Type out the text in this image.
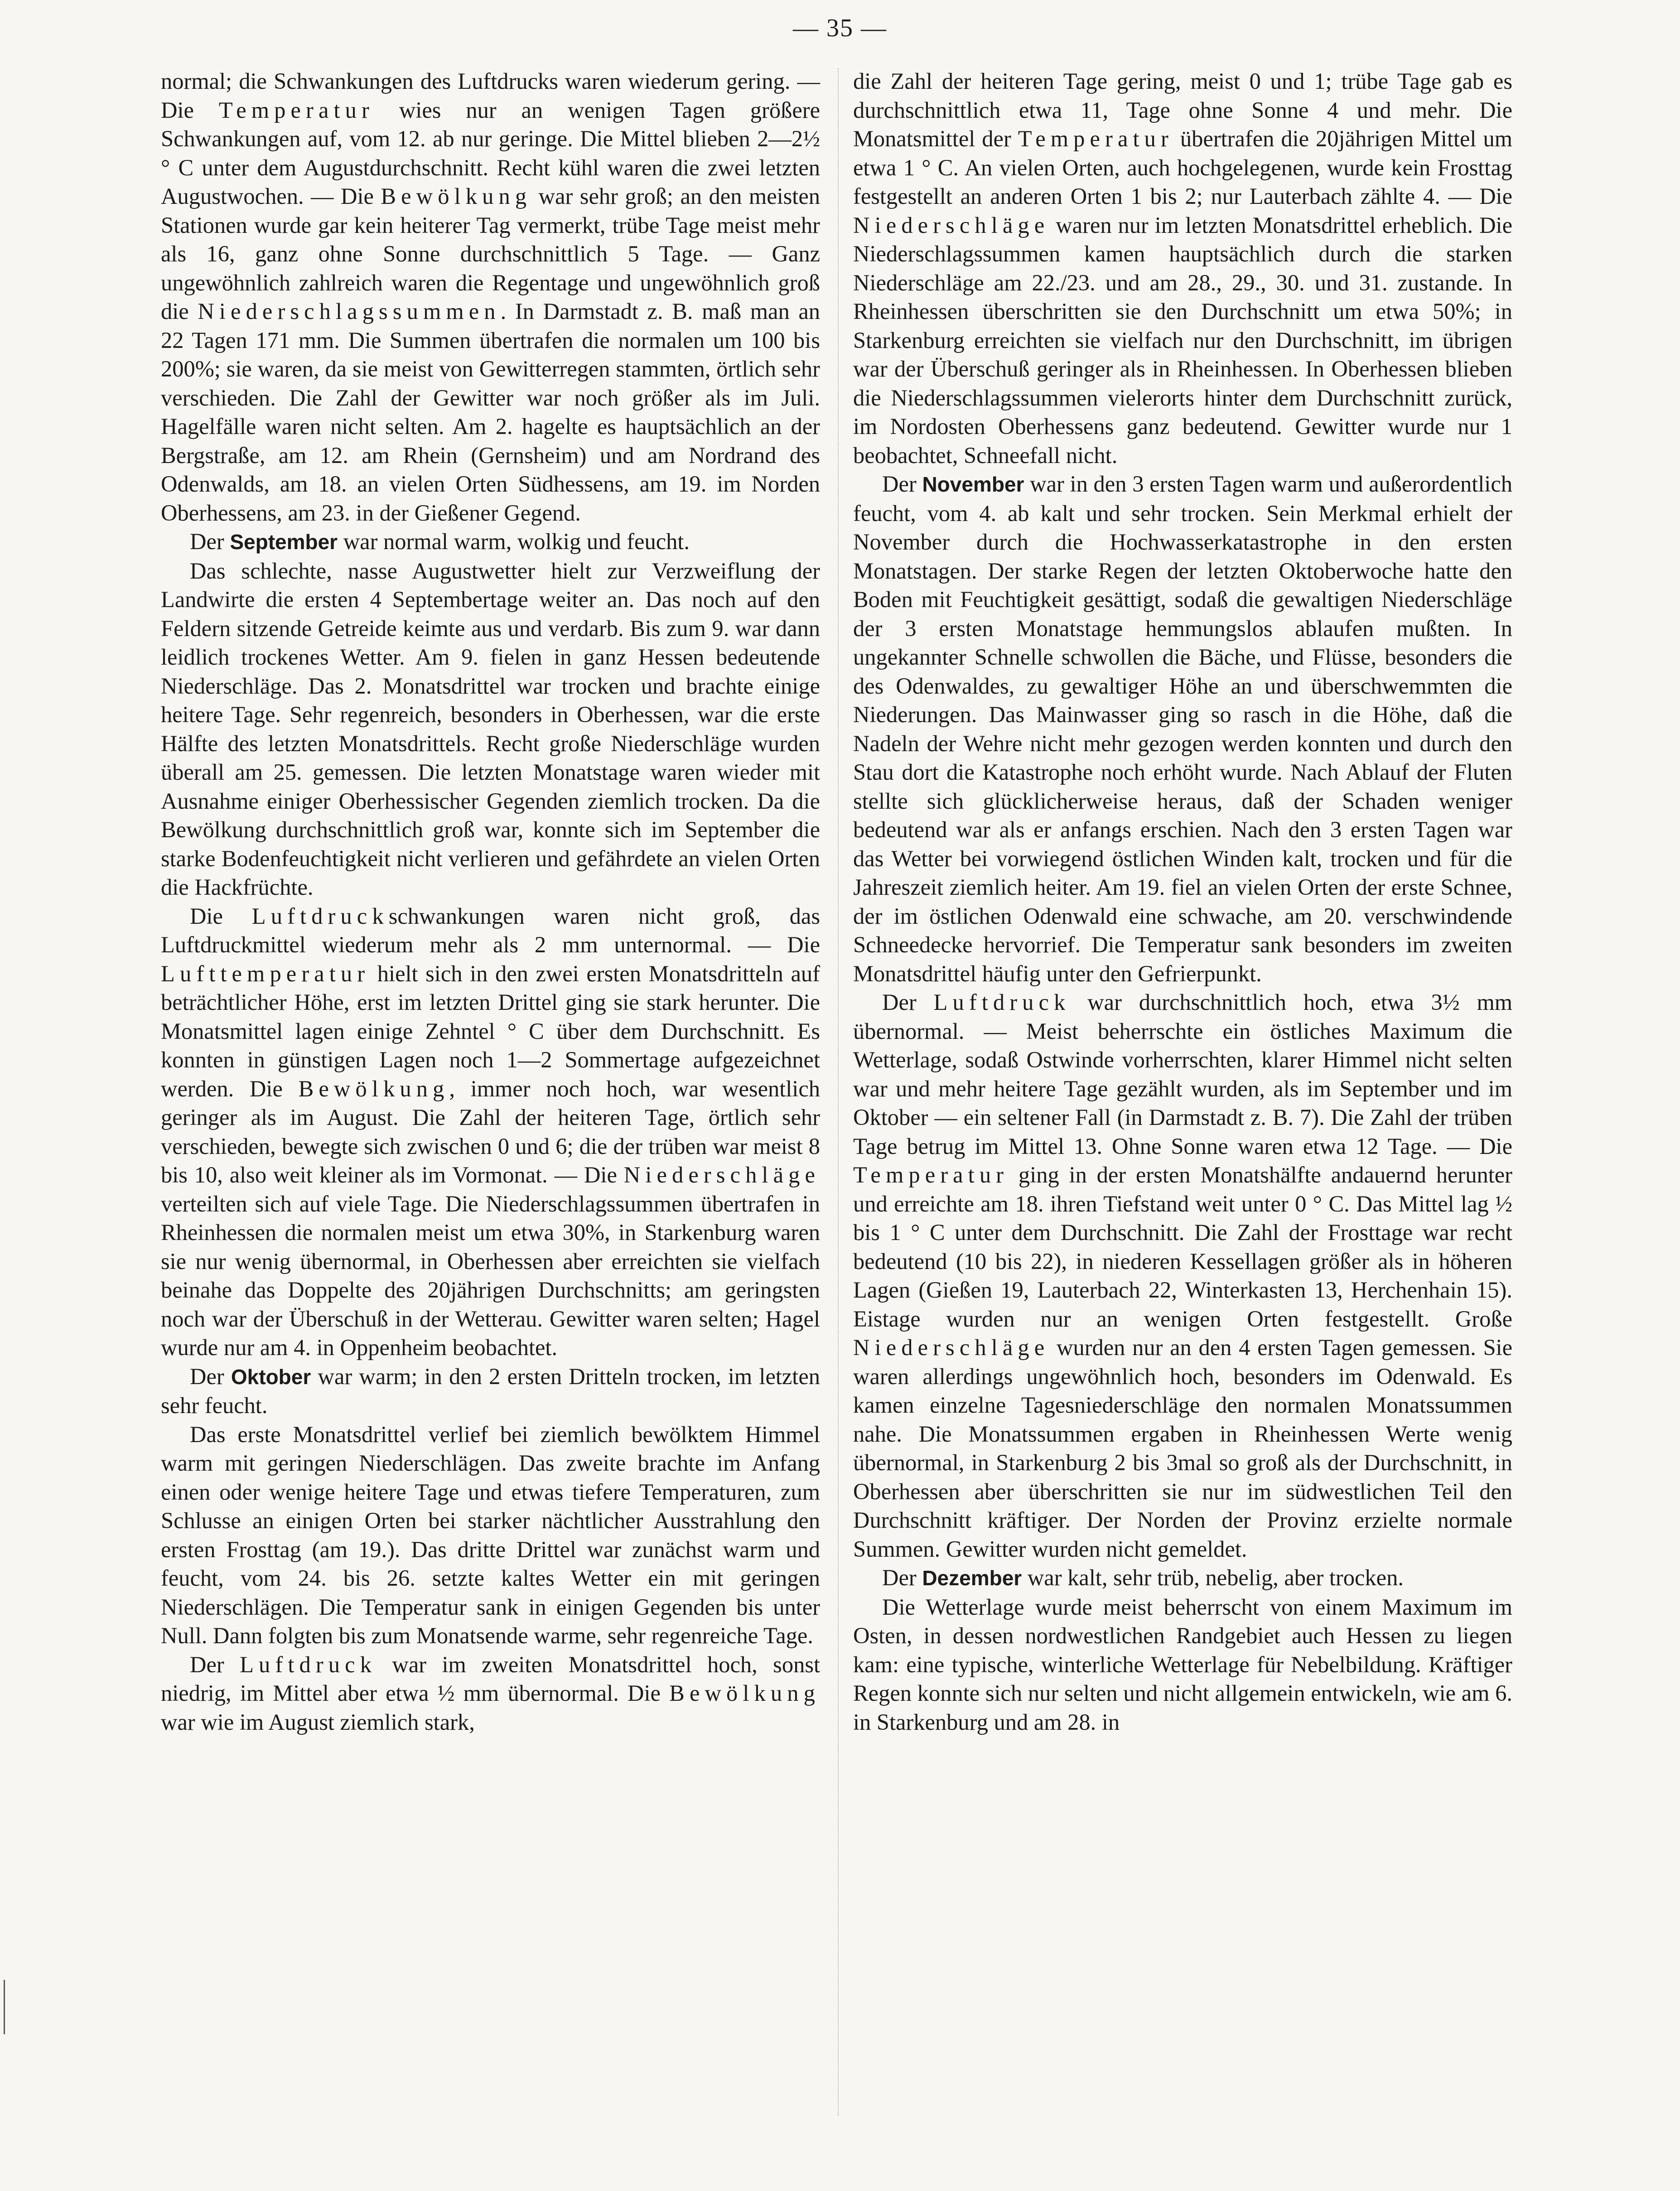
— 35 —

normal; die Schwankungen des Luftdrucks waren wiederum gering. — Die Temperatur wies nur an wenigen Tagen größere Schwankungen auf, vom 12. ab nur geringe. Die Mittel blieben 2—2½ ° C unter dem Augustdurchschnitt. Recht kühl waren die zwei letzten Augustwochen. — Die Bewölkung war sehr groß; an den meisten Stationen wurde gar kein heiterer Tag vermerkt, trübe Tage meist mehr als 16, ganz ohne Sonne durchschnittlich 5 Tage. — Ganz ungewöhnlich zahlreich waren die Regentage und ungewöhnlich groß die Niederschlagssummen. In Darmstadt z. B. maß man an 22 Tagen 171 mm. Die Summen übertrafen die normalen um 100 bis 200%; sie waren, da sie meist von Gewitterregen stammten, örtlich sehr verschieden. Die Zahl der Gewitter war noch größer als im Juli. Hagelfälle waren nicht selten. Am 2. hagelte es hauptsächlich an der Bergstraße, am 12. am Rhein (Gernsheim) und am Nordrand des Odenwalds, am 18. an vielen Orten Südhessens, am 19. im Norden Oberhessens, am 23. in der Gießener Gegend.

Der September war normal warm, wolkig und feucht.

Das schlechte, nasse Augustwetter hielt zur Verzweiflung der Landwirte die ersten 4 Septembertage weiter an. Das noch auf den Feldern sitzende Getreide keimte aus und verdarb. Bis zum 9. war dann leidlich trockenes Wetter. Am 9. fielen in ganz Hessen bedeutende Niederschläge. Das 2. Monatsdrittel war trocken und brachte einige heitere Tage. Sehr regenreich, besonders in Oberhessen, war die erste Hälfte des letzten Monatsdrittels. Recht große Niederschläge wurden überall am 25. gemessen. Die letzten Monatstage waren wieder mit Ausnahme einiger Oberhessischer Gegenden ziemlich trocken. Da die Bewölkung durchschnittlich groß war, konnte sich im September die starke Bodenfeuchtigkeit nicht verlieren und gefährdete an vielen Orten die Hackfrüchte.

Die Luftdruckschwankungen waren nicht groß, das Luftdruckmittel wiederum mehr als 2 mm unternormal. — Die Lufttemperatur hielt sich in den zwei ersten Monatsdritteln auf beträchtlicher Höhe, erst im letzten Drittel ging sie stark herunter. Die Monatsmittel lagen einige Zehntel ° C über dem Durchschnitt. Es konnten in günstigen Lagen noch 1—2 Sommertage aufgezeichnet werden. Die Bewölkung, immer noch hoch, war wesentlich geringer als im August. Die Zahl der heiteren Tage, örtlich sehr verschieden, bewegte sich zwischen 0 und 6; die der trüben war meist 8 bis 10, also weit kleiner als im Vormonat. — Die Niederschläge verteilten sich auf viele Tage. Die Niederschlagssummen übertrafen in Rheinhessen die normalen meist um etwa 30%, in Starkenburg waren sie nur wenig übernormal, in Oberhessen aber erreichten sie vielfach beinahe das Doppelte des 20jährigen Durchschnitts; am geringsten noch war der Überschuß in der Wetterau. Gewitter waren selten; Hagel wurde nur am 4. in Oppenheim beobachtet.

Der Oktober war warm; in den 2 ersten Dritteln trocken, im letzten sehr feucht.

Das erste Monatsdrittel verlief bei ziemlich bewölktem Himmel warm mit geringen Niederschlägen. Das zweite brachte im Anfang einen oder wenige heitere Tage und etwas tiefere Temperaturen, zum Schlusse an einigen Orten bei starker nächtlicher Ausstrahlung den ersten Frosttag (am 19.). Das dritte Drittel war zunächst warm und feucht, vom 24. bis 26. setzte kaltes Wetter ein mit geringen Niederschlägen. Die Temperatur sank in einigen Gegenden bis unter Null. Dann folgten bis zum Monatsende warme, sehr regenreiche Tage.

Der Luftdruck war im zweiten Monatsdrittel hoch, sonst niedrig, im Mittel aber etwa ½ mm übernormal. Die Bewölkung war wie im August ziemlich stark,

die Zahl der heiteren Tage gering, meist 0 und 1; trübe Tage gab es durchschnittlich etwa 11, Tage ohne Sonne 4 und mehr. Die Monatsmittel der Temperatur übertrafen die 20jährigen Mittel um etwa 1 ° C. An vielen Orten, auch hochgelegenen, wurde kein Frosttag festgestellt an anderen Orten 1 bis 2; nur Lauterbach zählte 4. — Die Niederschläge waren nur im letzten Monatsdrittel erheblich. Die Niederschlagssummen kamen hauptsächlich durch die starken Niederschläge am 22./23. und am 28., 29., 30. und 31. zustande. In Rheinhessen überschritten sie den Durchschnitt um etwa 50%; in Starkenburg erreichten sie vielfach nur den Durchschnitt, im übrigen war der Überschuß geringer als in Rheinhessen. In Oberhessen blieben die Niederschlagssummen vielerorts hinter dem Durchschnitt zurück, im Nordosten Oberhessens ganz bedeutend. Gewitter wurde nur 1 beobachtet, Schneefall nicht.

Der November war in den 3 ersten Tagen warm und außerordentlich feucht, vom 4. ab kalt und sehr trocken. Sein Merkmal erhielt der November durch die Hochwasserkatastrophe in den ersten Monatstagen. Der starke Regen der letzten Oktoberwoche hatte den Boden mit Feuchtigkeit gesättigt, sodaß die gewaltigen Niederschläge der 3 ersten Monatstage hemmungslos ablaufen mußten. In ungekannter Schnelle schwollen die Bäche, und Flüsse, besonders die des Odenwaldes, zu gewaltiger Höhe an und überschwemmten die Niederungen. Das Mainwasser ging so rasch in die Höhe, daß die Nadeln der Wehre nicht mehr gezogen werden konnten und durch den Stau dort die Katastrophe noch erhöht wurde. Nach Ablauf der Fluten stellte sich glücklicherweise heraus, daß der Schaden weniger bedeutend war als er anfangs erschien. Nach den 3 ersten Tagen war das Wetter bei vorwiegend östlichen Winden kalt, trocken und für die Jahreszeit ziemlich heiter. Am 19. fiel an vielen Orten der erste Schnee, der im östlichen Odenwald eine schwache, am 20. verschwindende Schneedecke hervorrief. Die Temperatur sank besonders im zweiten Monatsdrittel häufig unter den Gefrierpunkt.

Der Luftdruck war durchschnittlich hoch, etwa 3½ mm übernormal. — Meist beherrschte ein östliches Maximum die Wetterlage, sodaß Ostwinde vorherrschten, klarer Himmel nicht selten war und mehr heitere Tage gezählt wurden, als im September und im Oktober — ein seltener Fall (in Darmstadt z. B. 7). Die Zahl der trüben Tage betrug im Mittel 13. Ohne Sonne waren etwa 12 Tage. — Die Temperatur ging in der ersten Monatshälfte andauernd herunter und erreichte am 18. ihren Tiefstand weit unter 0 ° C. Das Mittel lag ½ bis 1 ° C unter dem Durchschnitt. Die Zahl der Frosttage war recht bedeutend (10 bis 22), in niederen Kessellagen größer als in höheren Lagen (Gießen 19, Lauterbach 22, Winterkasten 13, Herchenhain 15). Eistage wurden nur an wenigen Orten festgestellt. Große Niederschläge wurden nur an den 4 ersten Tagen gemessen. Sie waren allerdings ungewöhnlich hoch, besonders im Odenwald. Es kamen einzelne Tagesniederschläge den normalen Monatssummen nahe. Die Monatssummen ergaben in Rheinhessen Werte wenig übernormal, in Starkenburg 2 bis 3mal so groß als der Durchschnitt, in Oberhessen aber überschritten sie nur im südwestlichen Teil den Durchschnitt kräftiger. Der Norden der Provinz erzielte normale Summen. Gewitter wurden nicht gemeldet.

Der Dezember war kalt, sehr trüb, nebelig, aber trocken.

Die Wetterlage wurde meist beherrscht von einem Maximum im Osten, in dessen nordwestlichen Randgebiet auch Hessen zu liegen kam: eine typische, winterliche Wetterlage für Nebelbildung. Kräftiger Regen konnte sich nur selten und nicht allgemein entwickeln, wie am 6. in Starkenburg und am 28. in
